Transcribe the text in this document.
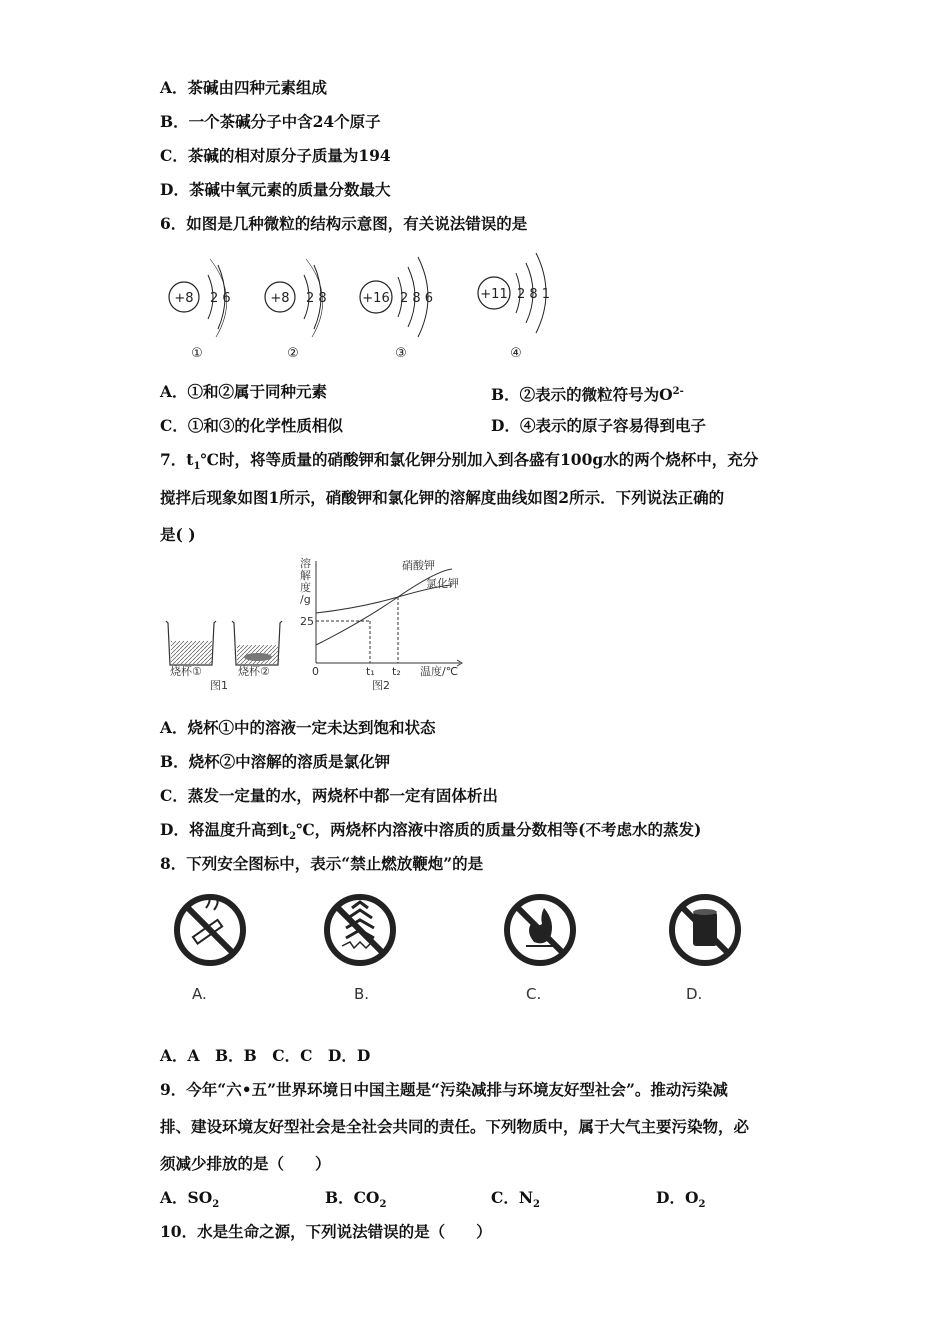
A．茶碱由四种元素组成
B．一个茶碱分子中含24个原子
C．茶碱的相对原分子质量为194
D．茶碱中氧元素的质量分数最大
6．如图是几种微粒的结构示意图，有关说法错误的是
+8 2 6
①
+8 2 8
②
+16 2 8 6
③
+11 2 8 1
④
A．①和②属于同种元素	B．②表示的微粒符号为$O^{2-}$
C．①和③的化学性质相似	D．④表示的原子容易得到电子
7．$t_1℃$时，将等质量的硝酸钾和氯化钾分别加入到各盛有100g水的两个烧杯中，充分
搅拌后现象如图1所示，硝酸钾和氯化钾的溶解度曲线如图2所示．下列说法正确的
是( )
烧杯①	烧杯②
图1
溶
解
度
/g
25
0	t₁ t₂ 温度/℃
硝酸钾
氯化钾
图2
A．烧杯①中的溶液一定未达到饱和状态
B．烧杯②中溶解的溶质是氯化钾
C．蒸发一定量的水，两烧杯中都一定有固体析出
D．将温度升高到$t_2℃$，两烧杯内溶液中溶质的质量分数相等(不考虑水的蒸发)
8．下列安全图标中，表示“禁止燃放鞭炮”的是
A.	B.	C.	D.
A．A　B．B　C．C　D．D
9．今年“六•五”世界环境日中国主题是“污染减排与环境友好型社会”。推动污染减
排、建设环境友好型社会是全社会共同的责任。下列物质中，属于大气主要污染物，必
须减少排放的是（　　）
A．$SO_2$	B．$CO_2$	C．$N_2$	D．$O_2$
10．水是生命之源，下列说法错误的是（　　）
